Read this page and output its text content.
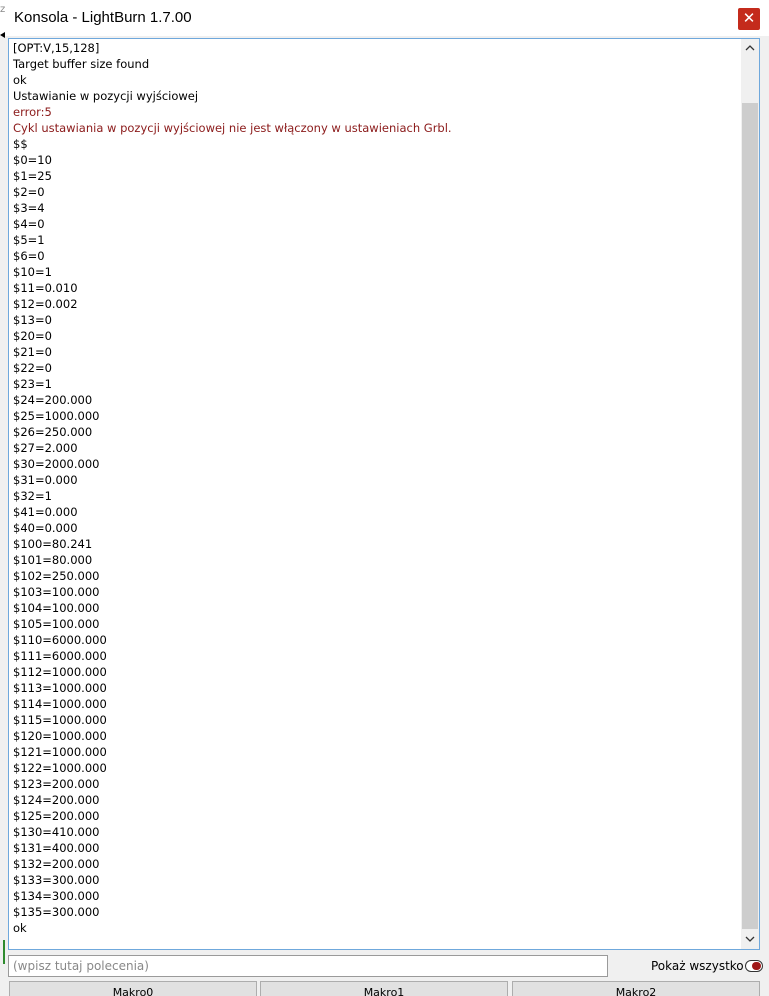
Konsola - LightBurn 1.7.00	✕
z
[OPT:V,15,128]
Target buffer size found
ok
Ustawianie w pozycji wyjściowej
error:5
Cykl ustawiania w pozycji wyjściowej nie jest włączony w ustawieniach Grbl.
$$
$0=10
$1=25
$2=0
$3=4
$4=0
$5=1
$6=0
$10=1
$11=0.010
$12=0.002
$13=0
$20=0
$21=0
$22=0
$23=1
$24=200.000
$25=1000.000
$26=250.000
$27=2.000
$30=2000.000
$31=0.000
$32=1
$41=0.000
$40=0.000
$100=80.241
$101=80.000
$102=250.000
$103=100.000
$104=100.000
$105=100.000
$110=6000.000
$111=6000.000
$112=1000.000
$113=1000.000
$114=1000.000
$115=1000.000
$120=1000.000
$121=1000.000
$122=1000.000
$123=200.000
$124=200.000
$125=200.000
$130=410.000
$131=400.000
$132=200.000
$133=300.000
$134=300.000
$135=300.000
ok
(wpisz tutaj polecenia)
Pokaż wszystko
Makro0	Makro1	Makro2
